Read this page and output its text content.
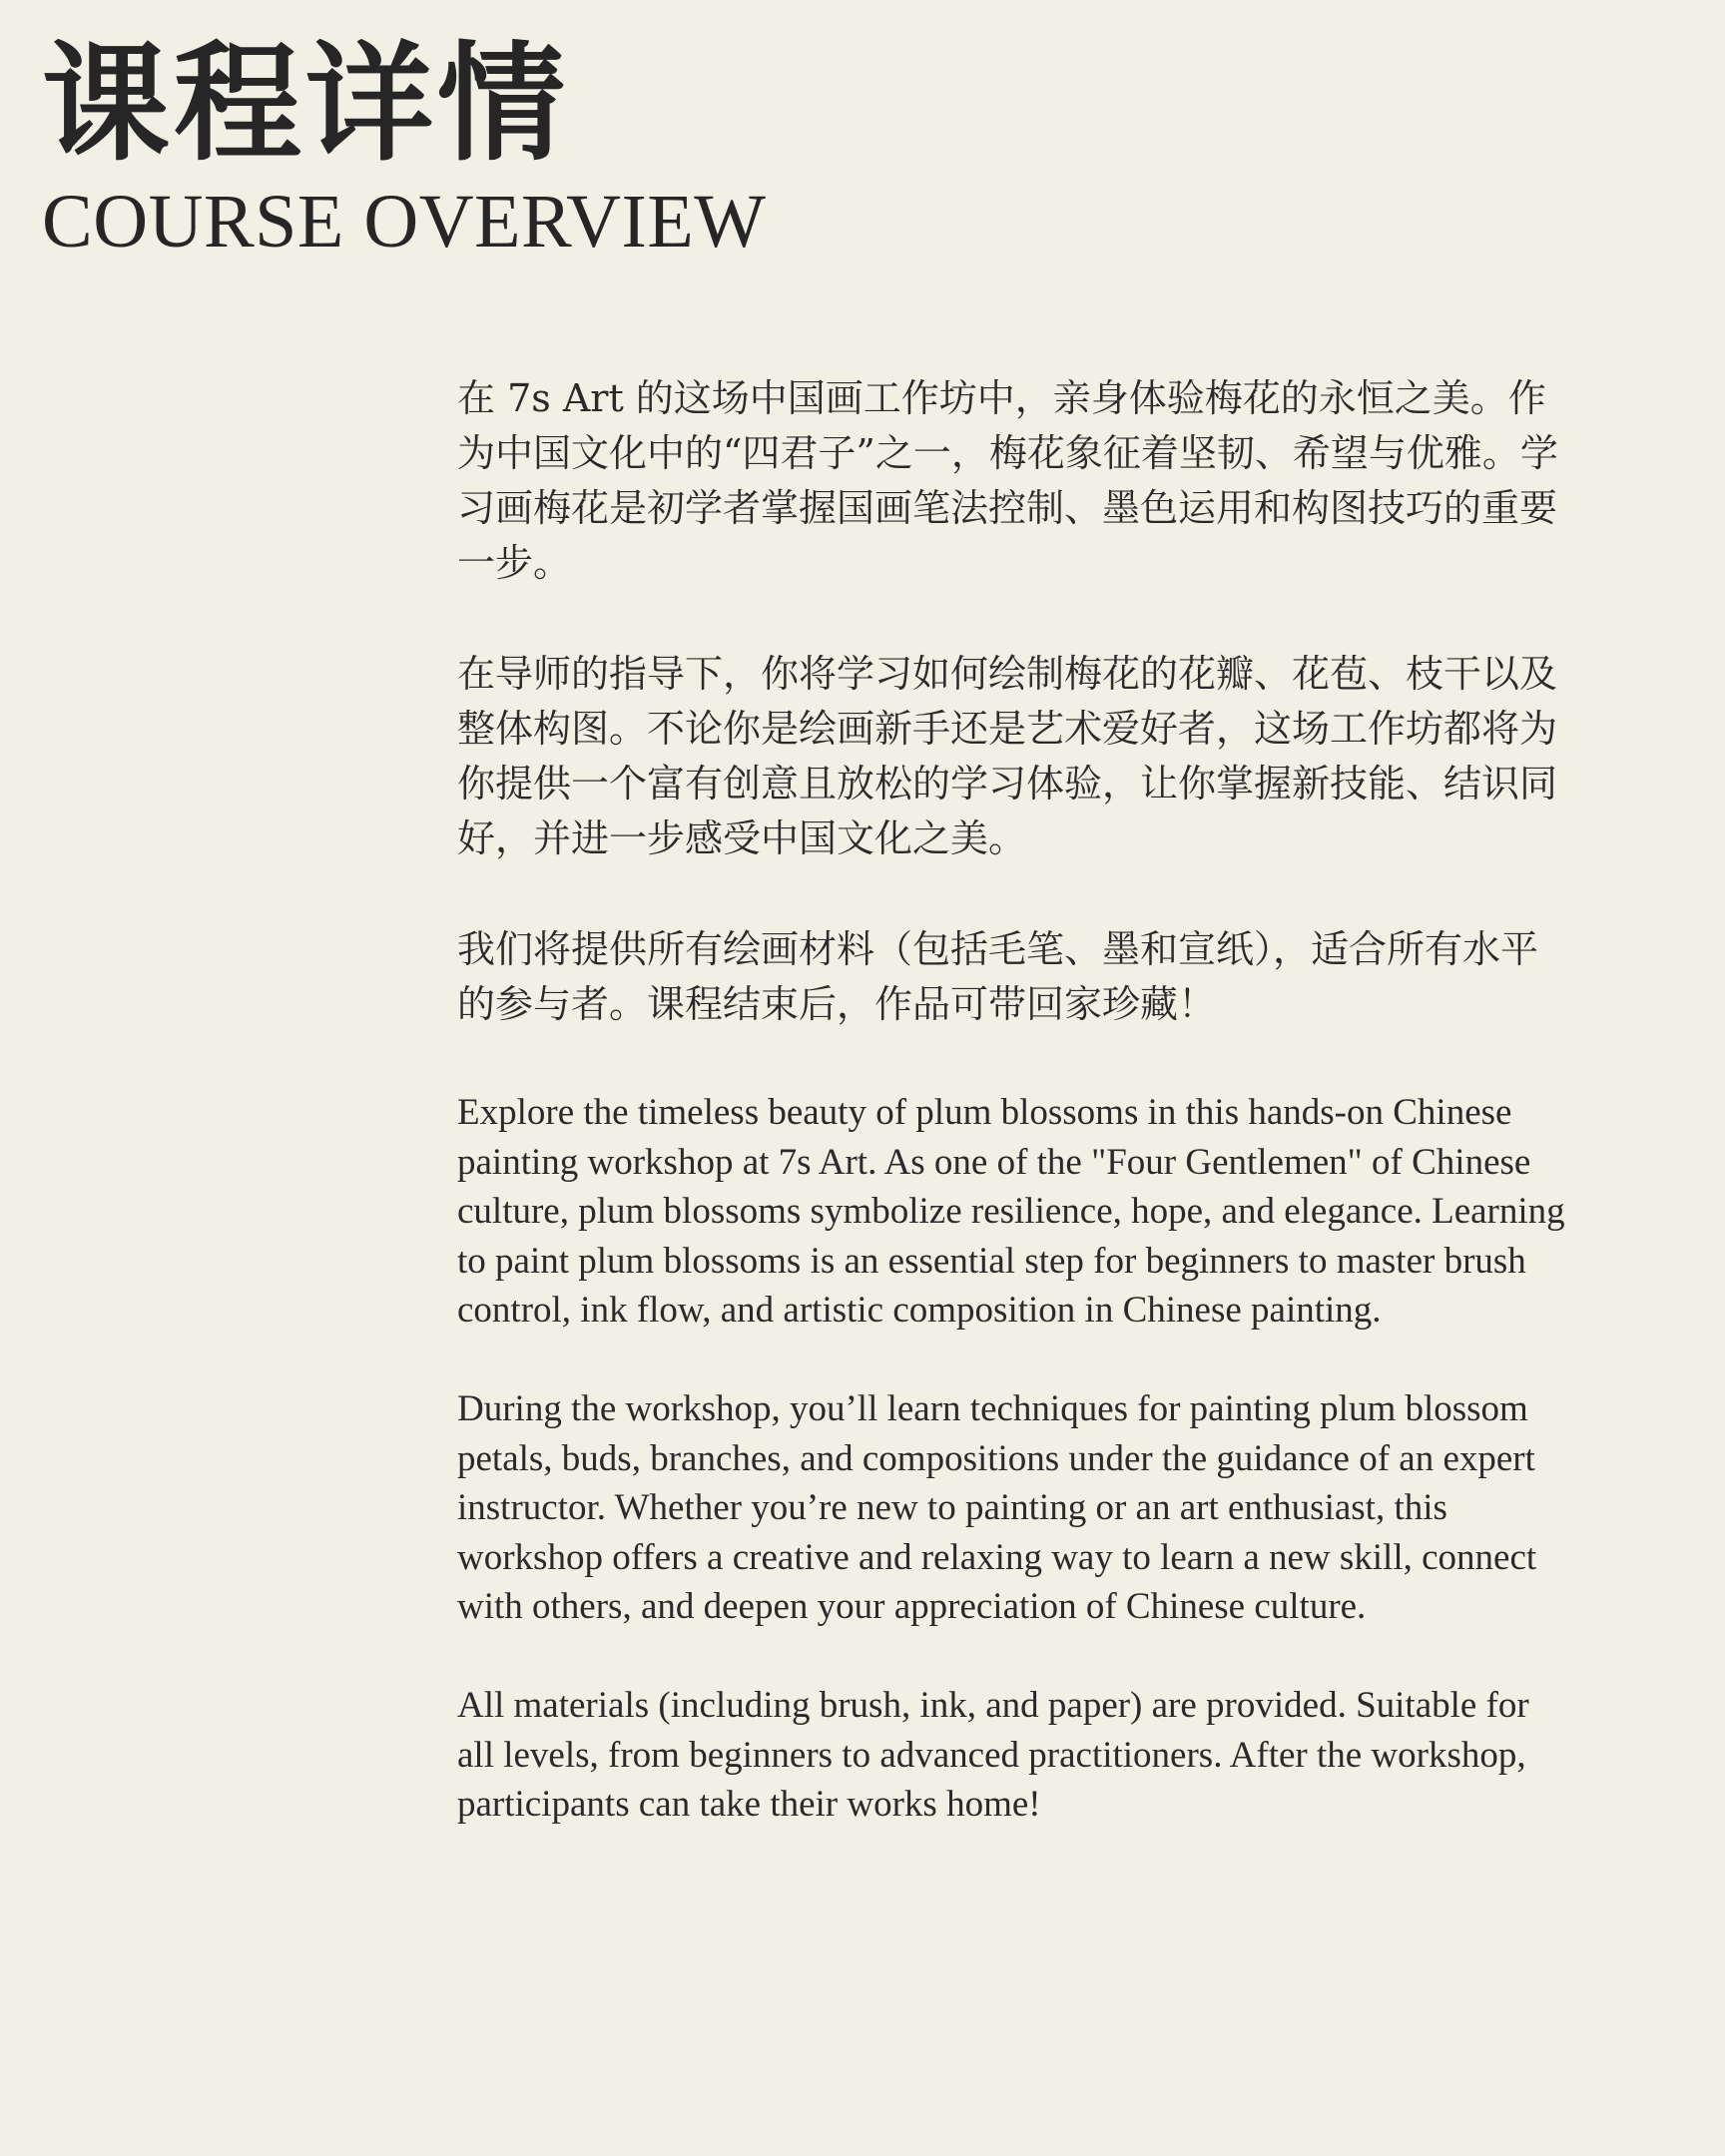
课程详情
COURSE OVERVIEW

在 7s Art 的这场中国画工作坊中，亲身体验梅花的永恒之美。作为中国文化中的“四君子”之一，梅花象征着坚韧、希望与优雅。学习画梅花是初学者掌握国画笔法控制、墨色运用和构图技巧的重要一步。

在导师的指导下，你将学习如何绘制梅花的花瓣、花苞、枝干以及整体构图。不论你是绘画新手还是艺术爱好者，这场工作坊都将为你提供一个富有创意且放松的学习体验，让你掌握新技能、结识同好，并进一步感受中国文化之美。

我们将提供所有绘画材料（包括毛笔、墨和宣纸），适合所有水平的参与者。课程结束后，作品可带回家珍藏！

Explore the timeless beauty of plum blossoms in this hands-on Chinese painting workshop at 7s Art. As one of the "Four Gentlemen" of Chinese culture, plum blossoms symbolize resilience, hope, and elegance. Learning to paint plum blossoms is an essential step for beginners to master brush control, ink flow, and artistic composition in Chinese painting.

During the workshop, you’ll learn techniques for painting plum blossom petals, buds, branches, and compositions under the guidance of an expert instructor. Whether you’re new to painting or an art enthusiast, this workshop offers a creative and relaxing way to learn a new skill, connect with others, and deepen your appreciation of Chinese culture.

All materials (including brush, ink, and paper) are provided. Suitable for all levels, from beginners to advanced practitioners. After the workshop, participants can take their works home!
